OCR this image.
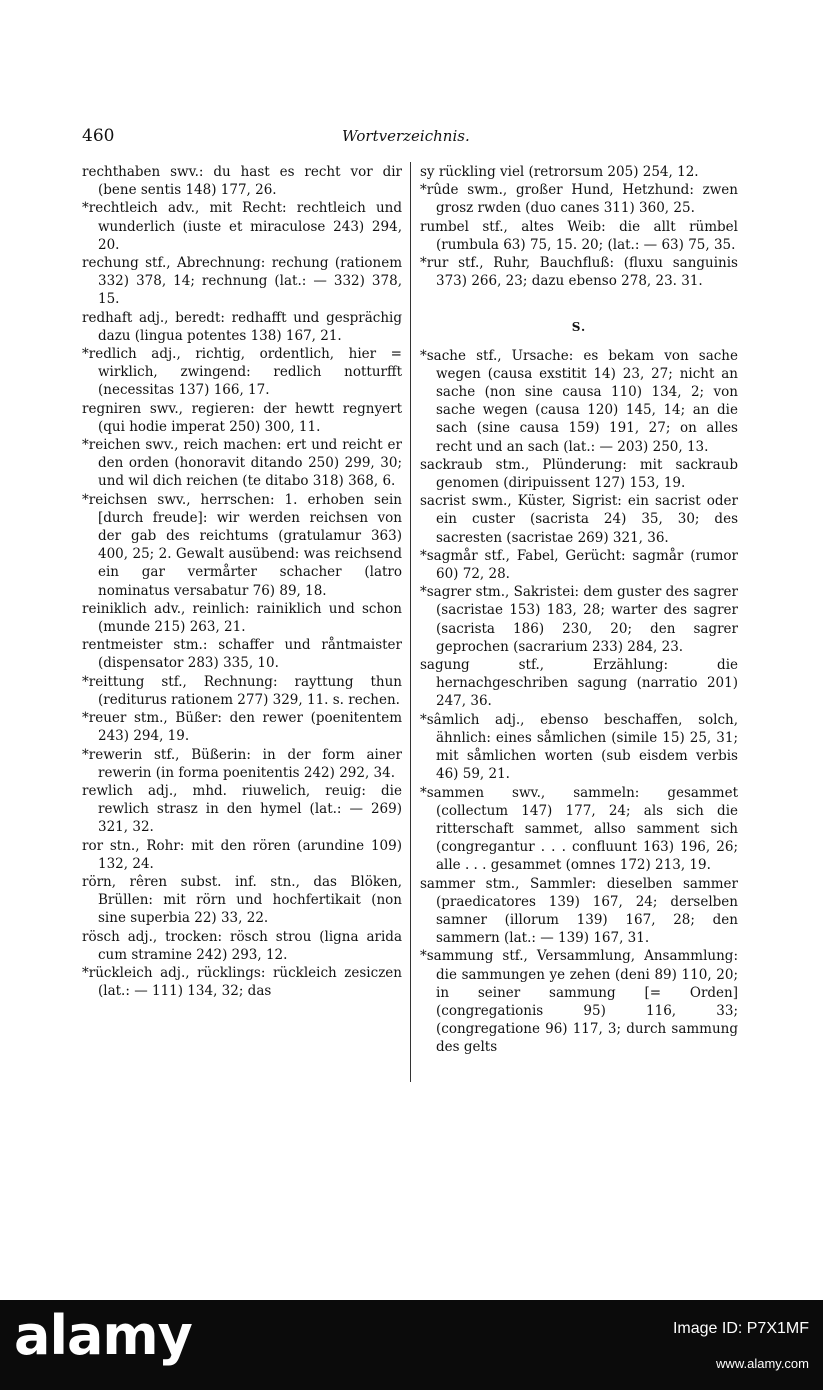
460	Wortverzeichnis.

rechthaben swv.: du hast es recht vor dir (bene sentis 148) 177, 26.

*rechtleich adv., mit Recht: rechtleich und wunderlich (iuste et miraculose 243) 294, 20.

rechung stf., Abrechnung: rechung (rationem 332) 378, 14; rechnung (lat.: — 332) 378, 15.

redhaft adj., beredt: redhafft und gesprächig dazu (lingua potentes 138) 167, 21.

*redlich adj., richtig, ordentlich, hier = wirklich, zwingend: redlich notturfft (necessitas 137) 166, 17.

regniren swv., regieren: der hewtt regnyert (qui hodie imperat 250) 300, 11.

*reichen swv., reich machen: ert und reicht er den orden (honoravit ditando 250) 299, 30; und wil dich reichen (te ditabo 318) 368, 6.

*reichsen swv., herrschen: 1. erhoben sein [durch freude]: wir werden reichsen von der gab des reichtums (gratulamur 363) 400, 25; 2. Gewalt ausübend: was reichsend ein gar vermårter schacher (latro nominatus versabatur 76) 89, 18.

reiniklich adv., reinlich: rainiklich und schon (munde 215) 263, 21.

rentmeister stm.: schaffer und råntmaister (dispensator 283) 335, 10.

*reittung stf., Rechnung: rayttung thun (rediturus rationem 277) 329, 11. s. rechen.

*reuer stm., Büßer: den rewer (poenitentem 243) 294, 19.

*rewerin stf., Büßerin: in der form ainer rewerin (in forma poenitentis 242) 292, 34.

rewlich adj., mhd. riuwelich, reuig: die rewlich strasz in den hymel (lat.: — 269) 321, 32.

ror stn., Rohr: mit den rören (arundine 109) 132, 24.

rörn, rêren subst. inf. stn., das Blöken, Brüllen: mit rörn und hochfertikait (non sine superbia 22) 33, 22.

rösch adj., trocken: rösch strou (ligna arida cum stramine 242) 293, 12.

*rückleich adj., rücklings: rückleich zesiczen (lat.: — 111) 134, 32; das

sy rückling viel (retrorsum 205) 254, 12.

*rûde swm., großer Hund, Hetzhund: zwen grosz rwden (duo canes 311) 360, 25.

rumbel stf., altes Weib: die allt rümbel (rumbula 63) 75, 15. 20; (lat.: — 63) 75, 35.

*rur stf., Ruhr, Bauchfluß: (fluxu sanguinis 373) 266, 23; dazu ebenso 278, 23. 31.

S.

*sache stf., Ursache: es bekam von sache wegen (causa exstitit 14) 23, 27; nicht an sache (non sine causa 110) 134, 2; von sache wegen (causa 120) 145, 14; an die sach (sine causa 159) 191, 27; on alles recht und an sach (lat.: — 203) 250, 13.

sackraub stm., Plünderung: mit sackraub genomen (diripuissent 127) 153, 19.

sacrist swm., Küster, Sigrist: ein sacrist oder ein custer (sacrista 24) 35, 30; des sacresten (sacristae 269) 321, 36.

*sagmår stf., Fabel, Gerücht: sagmår (rumor 60) 72, 28.

*sagrer stm., Sakristei: dem guster des sagrer (sacristae 153) 183, 28; warter des sagrer (sacrista 186) 230, 20; den sagrer geprochen (sacrarium 233) 284, 23.

sagung stf., Erzählung: die hernachgeschriben sagung (narratio 201) 247, 36.

*sâmlich adj., ebenso beschaffen, solch, ähnlich: eines såmlichen (simile 15) 25, 31; mit såmlichen worten (sub eisdem verbis 46) 59, 21.

*sammen swv., sammeln: gesammet (collectum 147) 177, 24; als sich die ritterschaft sammet, allso samment sich (congregantur . . . confluunt 163) 196, 26; alle . . . gesammet (omnes 172) 213, 19.

sammer stm., Sammler: dieselben sammer (praedicatores 139) 167, 24; derselben samner (illorum 139) 167, 28; den sammern (lat.: — 139) 167, 31.

*sammung stf., Versammlung, Ansammlung: die sammungen ye zehen (deni 89) 110, 20; in seiner sammung [= Orden] (congregationis 95) 116, 33; (congregatione 96) 117, 3; durch sammung des gelts

alamy	Image ID: P7X1MF
www.alamy.com
